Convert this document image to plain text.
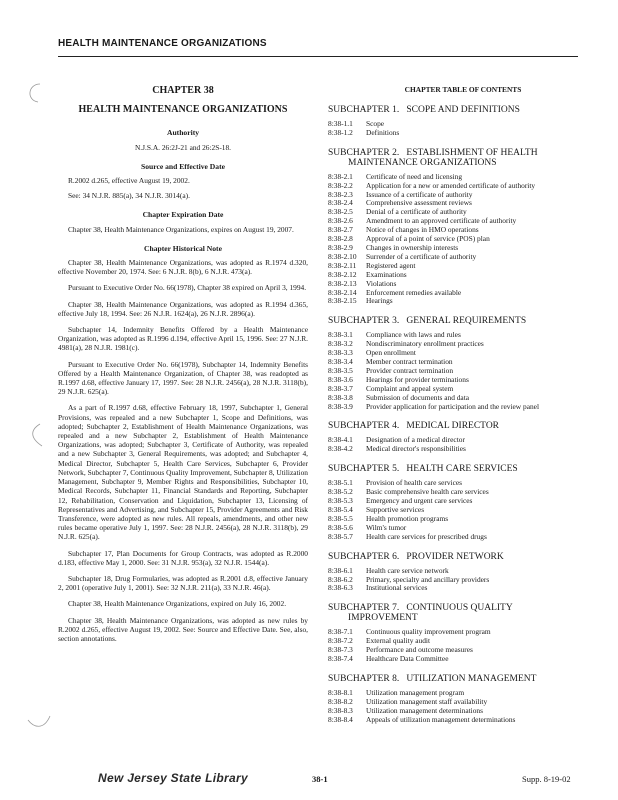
HEALTH MAINTENANCE ORGANIZATIONS
CHAPTER 38
HEALTH MAINTENANCE ORGANIZATIONS
Authority
N.J.S.A. 26:2J-21 and 26:2S-18.
Source and Effective Date

R.2002 d.265, effective August 19, 2002.

See: 34 N.J.R. 885(a), 34 N.J.R. 3014(a).

Chapter Expiration Date

Chapter 38, Health Maintenance Organizations, expires on August 19, 2007.

Chapter Historical Note

Chapter 38, Health Maintenance Organizations, was adopted as R.1974 d.320, effective November 20, 1974. See: 6 N.J.R. 8(b), 6 N.J.R. 473(a).

Pursuant to Executive Order No. 66(1978), Chapter 38 expired on April 3, 1994.

Chapter 38, Health Maintenance Organizations, was adopted as R.1994 d.365, effective July 18, 1994. See: 26 N.J.R. 1624(a), 26 N.J.R. 2896(a).

Subchapter 14, Indemnity Benefits Offered by a Health Maintenance Organization, was adopted as R.1996 d.194, effective April 15, 1996. See: 27 N.J.R. 4981(a), 28 N.J.R. 1981(c).

Pursuant to Executive Order No. 66(1978), Subchapter 14, Indemnity Benefits Offered by a Health Maintenance Organization, of Chapter 38, was readopted as R.1997 d.68, effective January 17, 1997. See: 28 N.J.R. 2456(a), 28 N.J.R. 3118(b), 29 N.J.R. 625(a).

As a part of R.1997 d.68, effective February 18, 1997, Subchapter 1, General Provisions, was repealed and a new Subchapter 1, Scope and Definitions, was adopted; Subchapter 2, Establishment of Health Maintenance Organizations, was repealed and a new Subchapter 2, Establishment of Health Maintenance Organizations, was adopted; Subchapter 3, Certificate of Authority, was repealed and a new Subchapter 3, General Requirements, was adopted; and Subchapter 4, Medical Director, Subchapter 5, Health Care Services, Subchapter 6, Provider Network, Subchapter 7, Continuous Quality Improvement, Subchapter 8, Utilization Management, Subchapter 9, Member Rights and Responsibilities, Subchapter 10, Medical Records, Subchapter 11, Financial Standards and Reporting, Subchapter 12, Rehabilitation, Conservation and Liquidation, Subchapter 13, Licensing of Representatives and Advertising, and Subchapter 15, Provider Agreements and Risk Transference, were adopted as new rules. All repeals, amendments, and other new rules became operative July 1, 1997. See: 28 N.J.R. 2456(a), 28 N.J.R. 3118(b), 29 N.J.R. 625(a).

Subchapter 17, Plan Documents for Group Contracts, was adopted as R.2000 d.183, effective May 1, 2000. See: 31 N.J.R. 953(a), 32 N.J.R. 1544(a).

Subchapter 18, Drug Formularies, was adopted as R.2001 d.8, effective January 2, 2001 (operative July 1, 2001). See: 32 N.J.R. 211(a), 33 N.J.R. 46(a).

Chapter 38, Health Maintenance Organizations, expired on July 16, 2002.

Chapter 38, Health Maintenance Organizations, was adopted as new rules by R.2002 d.265, effective August 19, 2002. See: Source and Effective Date. See, also, section annotations.

CHAPTER TABLE OF CONTENTS
SUBCHAPTER 1.   SCOPE AND DEFINITIONS
8:38-1.1	Scope
8:38-1.2	Definitions
SUBCHAPTER 2.   ESTABLISHMENT OF HEALTH
MAINTENANCE ORGANIZATIONS
8:38-2.1	Certificate of need and licensing
8:38-2.2	Application for a new or amended certificate of authority
8:38-2.3	Issuance of a certificate of authority
8:38-2.4	Comprehensive assessment reviews
8:38-2.5	Denial of a certificate of authority
8:38-2.6	Amendment to an approved certificate of authority
8:38-2.7	Notice of changes in HMO operations
8:38-2.8	Approval of a point of service (POS) plan
8:38-2.9	Changes in ownership interests
8:38-2.10	Surrender of a certificate of authority
8:38-2.11	Registered agent
8:38-2.12	Examinations
8:38-2.13	Violations
8:38-2.14	Enforcement remedies available
8:38-2.15	Hearings
SUBCHAPTER 3.   GENERAL REQUIREMENTS
8:38-3.1	Compliance with laws and rules
8:38-3.2	Nondiscriminatory enrollment practices
8:38-3.3	Open enrollment
8:38-3.4	Member contract termination
8:38-3.5	Provider contract termination
8:38-3.6	Hearings for provider terminations
8:38-3.7	Complaint and appeal system
8:38-3.8	Submission of documents and data
8:38-3.9	Provider application for participation and the review panel
SUBCHAPTER 4.   MEDICAL DIRECTOR
8:38-4.1	Designation of a medical director
8:38-4.2	Medical director's responsibilities
SUBCHAPTER 5.   HEALTH CARE SERVICES
8:38-5.1	Provision of health care services
8:38-5.2	Basic comprehensive health care services
8:38-5.3	Emergency and urgent care services
8:38-5.4	Supportive services
8:38-5.5	Health promotion programs
8:38-5.6	Wilm's tumor
8:38-5.7	Health care services for prescribed drugs
SUBCHAPTER 6.   PROVIDER NETWORK
8:38-6.1	Health care service network
8:38-6.2	Primary, specialty and ancillary providers
8:38-6.3	Institutional services
SUBCHAPTER 7.   CONTINUOUS QUALITY
IMPROVEMENT
8:38-7.1	Continuous quality improvement program
8:38-7.2	External quality audit
8:38-7.3	Performance and outcome measures
8:38-7.4	Healthcare Data Committee
SUBCHAPTER 8.   UTILIZATION MANAGEMENT
8:38-8.1	Utilization management program
8:38-8.2	Utilization management staff availability
8:38-8.3	Utilization management determinations
8:38-8.4	Appeals of utilization management determinations
New Jersey State Library	38-1	Supp. 8-19-02
